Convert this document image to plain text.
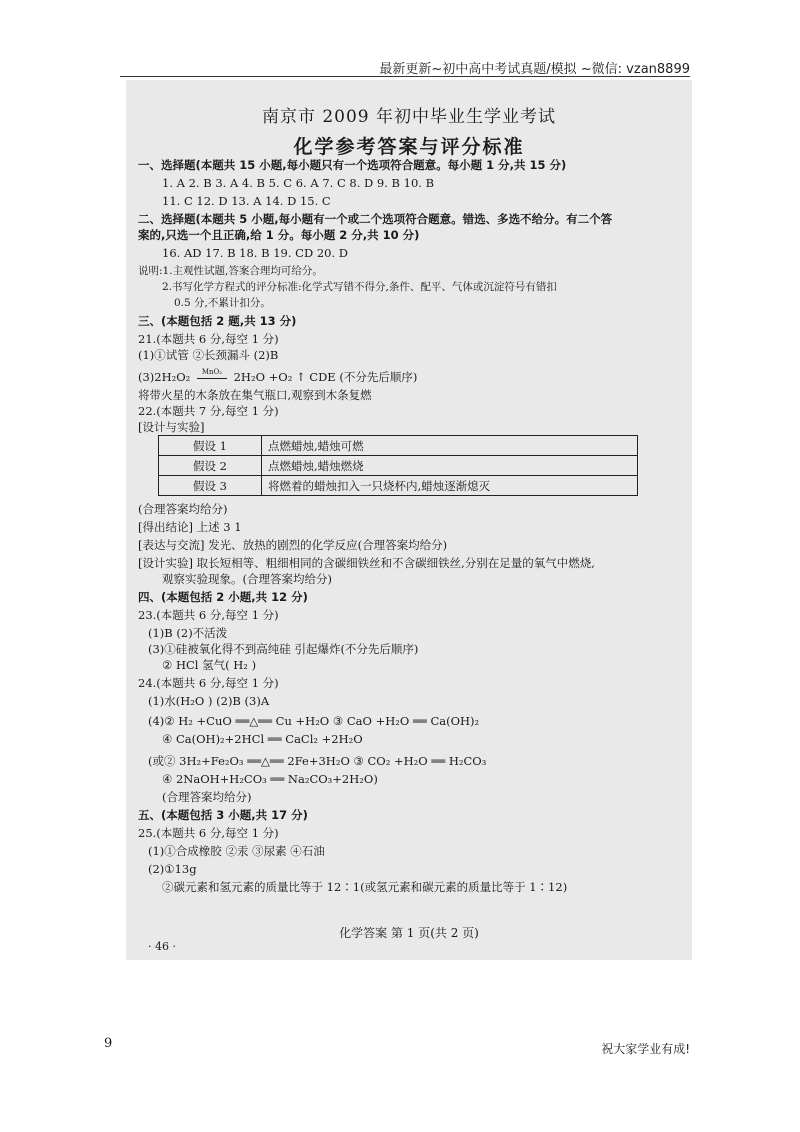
最新更新~初中高中考试真题/模拟 ~微信: vzan8899
南京市 2009 年初中毕业生学业考试
化学参考答案与评分标准
一、选择题(本题共 15 小题,每小题只有一个选项符合题意。每小题 1 分,共 15 分)
1. A 2. B 3. A 4. B 5. C 6. A 7. C 8. D 9. B 10. B
11. C 12. D 13. A 14. D 15. C
二、选择题(本题共 5 小题,每小题有一个或二个选项符合题意。错选、多选不给分。有二个答
案的,只选一个且正确,给 1 分。每小题 2 分,共 10 分)
16. AD 17. B 18. B 19. CD 20. D
说明:1.主观性试题,答案合理均可给分。
2.书写化学方程式的评分标准:化学式写错不得分,条件、配平、气体或沉淀符号有错扣
0.5 分,不累计扣分。
三、(本题包括 2 题,共 13 分)
21.(本题共 6 分,每空 1 分)
(1)①试管 ②长颈漏斗 (2)B
(3)2H₂O₂ $^{MnO_2}$ 2H₂O +O₂ ↑ CDE (不分先后顺序)
将带火星的木条放在集气瓶口,观察到木条复燃
22.(本题共 7 分,每空 1 分)
[设计与实验]
假设 1	点燃蜡烛,蜡烛可燃
假设 2	点燃蜡烛,蜡烛燃烧
假设 3	将燃着的蜡烛扣入一只烧杯内,蜡烛逐渐熄灭
(合理答案均给分)
[得出结论] 上述 3 1
[表达与交流] 发光、放热的剧烈的化学反应(合理答案均给分)
[设计实验] 取长短相等、粗细相同的含碳细铁丝和不含碳细铁丝,分别在足量的氧气中燃烧,
观察实验现象。(合理答案均给分)
四、(本题包括 2 小题,共 12 分)
23.(本题共 6 分,每空 1 分)
(1)B (2)不活泼
(3)①硅被氧化得不到高纯硅 引起爆炸(不分先后顺序)
② HCl 氢气( H₂ )
24.(本题共 6 分,每空 1 分)
(1)水(H₂O ) (2)B (3)A
(4)② H₂ +CuO ══△══ Cu +H₂O ③ CaO +H₂O ══ Ca(OH)₂
④ Ca(OH)₂+2HCl ══ CaCl₂ +2H₂O
(或② 3H₂+Fe₂O₃ ══△══ 2Fe+3H₂O ③ CO₂ +H₂O ══ H₂CO₃
④ 2NaOH+H₂CO₃ ══ Na₂CO₃+2H₂O)
(合理答案均给分)
五、(本题包括 3 小题,共 17 分)
25.(本题共 6 分,每空 1 分)
(1)①合成橡胶 ②汞 ③尿素 ④石油
(2)①13g
②碳元素和氢元素的质量比等于 12∶1(或氢元素和碳元素的质量比等于 1∶12)
化学答案 第 1 页(共 2 页)
· 46 ·
9	祝大家学业有成!
